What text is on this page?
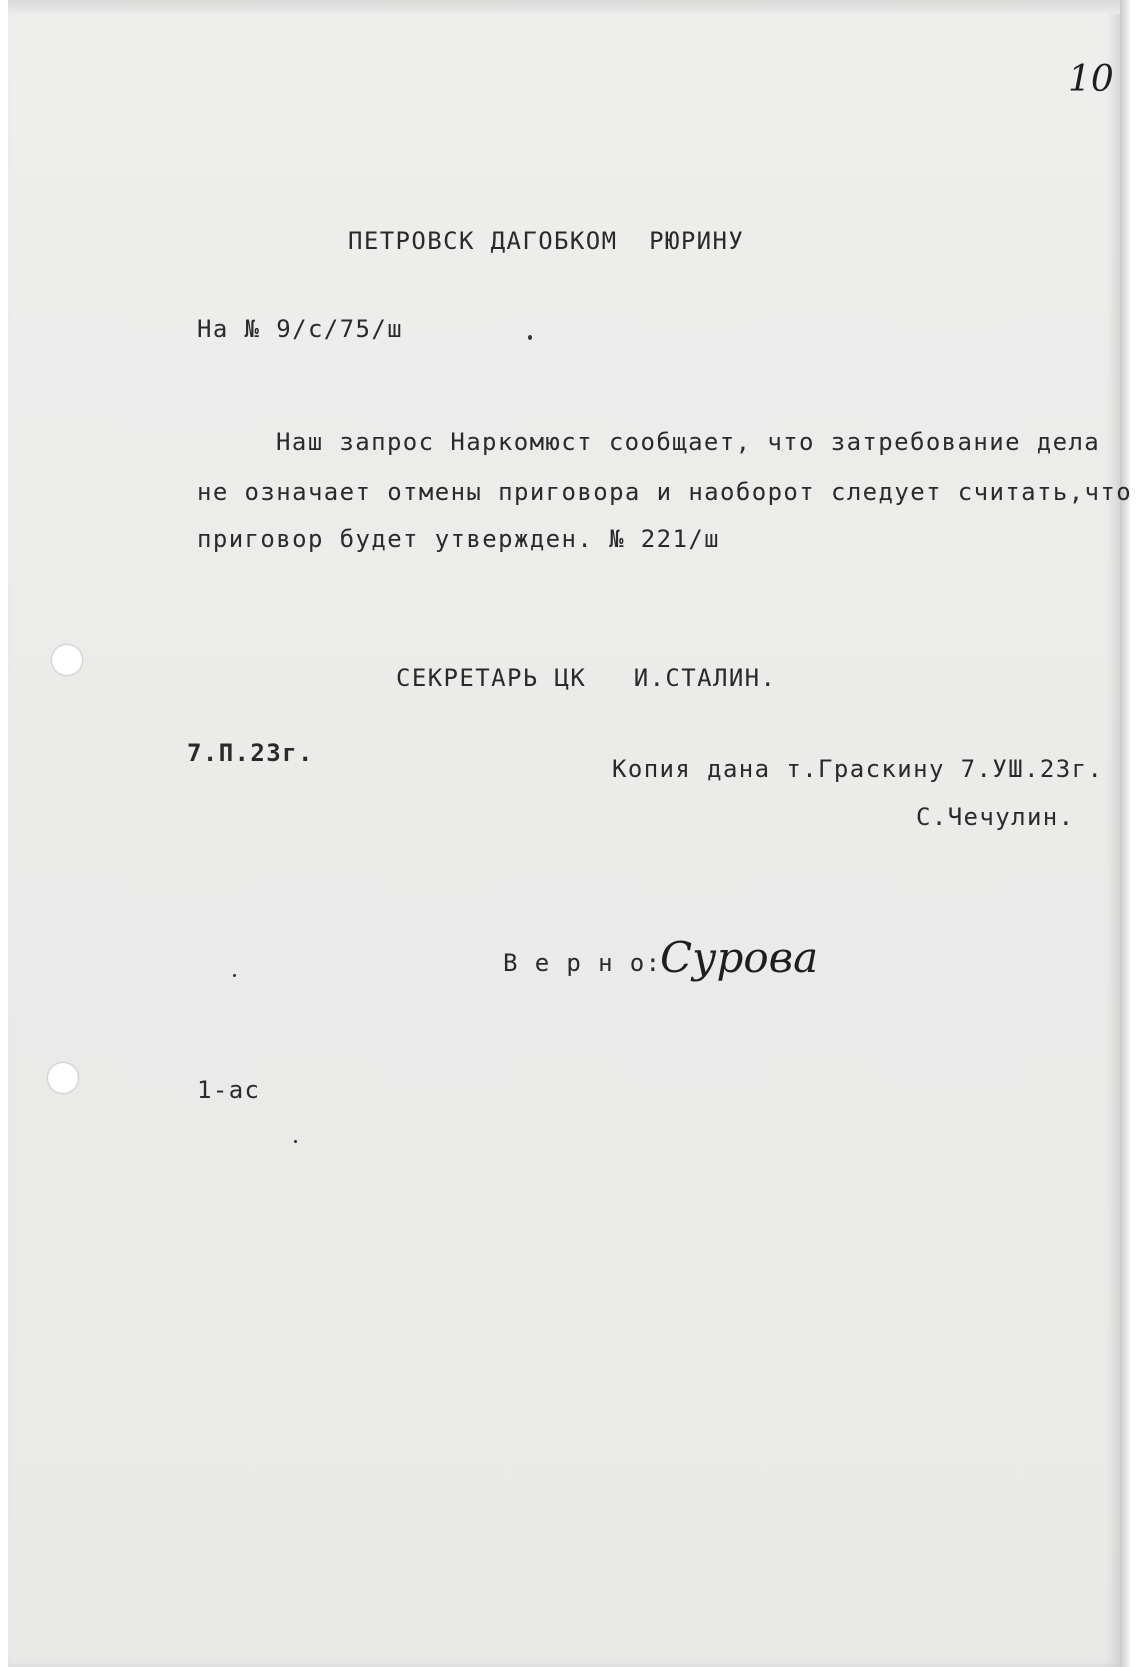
10
ПЕТРОВСК ДАГОБКОМ  РЮРИНУ
На № 9/с/75/ш
Наш запрос Наркомюст сообщает, что затребование дела
не означает отмены приговора и наоборот следует считать,что
приговор будет утвержден. № 221/ш
СЕКРЕТАРЬ ЦК   И.СТАЛИН.
7.П.23г.
Копия дана т.Граскину 7.УШ.23г.
С.Чечулин.
В е р н о:
Сурова
1-ас
